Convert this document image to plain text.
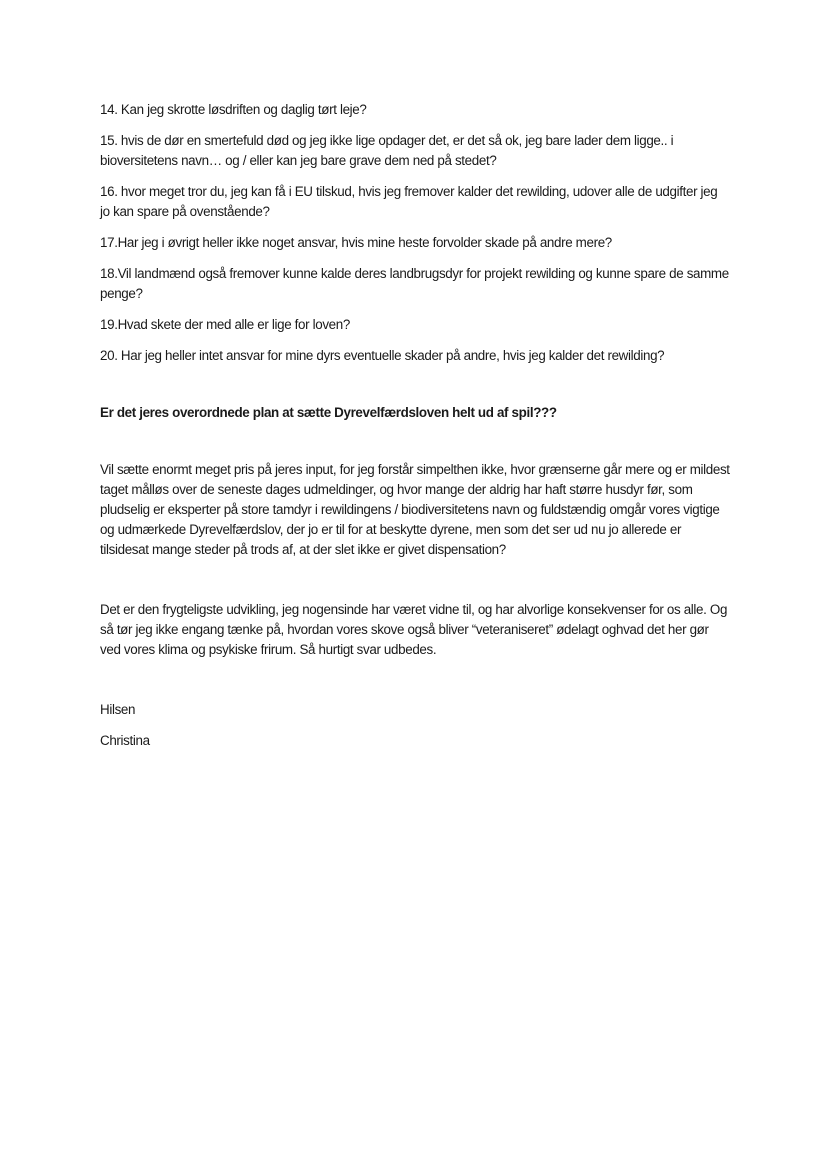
14. Kan jeg skrotte løsdriften og daglig tørt leje?

15. hvis de dør en smertefuld død og jeg ikke lige opdager det, er det så ok, jeg bare lader dem ligge.. i bioversitetens navn… og / eller kan jeg bare grave dem ned på stedet?

16. hvor meget tror du, jeg kan få i EU tilskud, hvis jeg fremover kalder det rewilding, udover alle de udgifter jeg jo kan spare på ovenstående?

17.Har jeg i øvrigt heller ikke noget ansvar, hvis mine heste forvolder skade på andre mere?

18.Vil landmænd også fremover kunne kalde deres landbrugsdyr for projekt rewilding og kunne spare de samme penge?

19.Hvad skete der med alle er lige for loven?

20. Har jeg heller intet ansvar for mine dyrs eventuelle skader på andre, hvis jeg kalder det rewilding?

Er det jeres overordnede plan at sætte Dyrevelfærdsloven helt ud af spil???

Vil sætte enormt meget pris på jeres input, for jeg forstår simpelthen ikke, hvor grænserne går mere og er mildest taget målløs over de seneste dages udmeldinger, og hvor mange der aldrig har haft større husdyr før, som pludselig er eksperter på store tamdyr i rewildingens / biodiversitetens navn og fuldstændig omgår vores vigtige og udmærkede Dyrevelfærdslov, der jo er til for at beskytte dyrene, men som det ser ud nu jo allerede er tilsidesat mange steder på trods af, at der slet ikke er givet dispensation?

Det er den frygteligste udvikling, jeg nogensinde har været vidne til, og har alvorlige konsekvenser for os alle. Og så tør jeg ikke engang tænke på, hvordan vores skove også bliver “veteraniseret” ødelagt oghvad det her gør ved vores klima og psykiske frirum. Så hurtigt svar udbedes.

Hilsen

Christina
